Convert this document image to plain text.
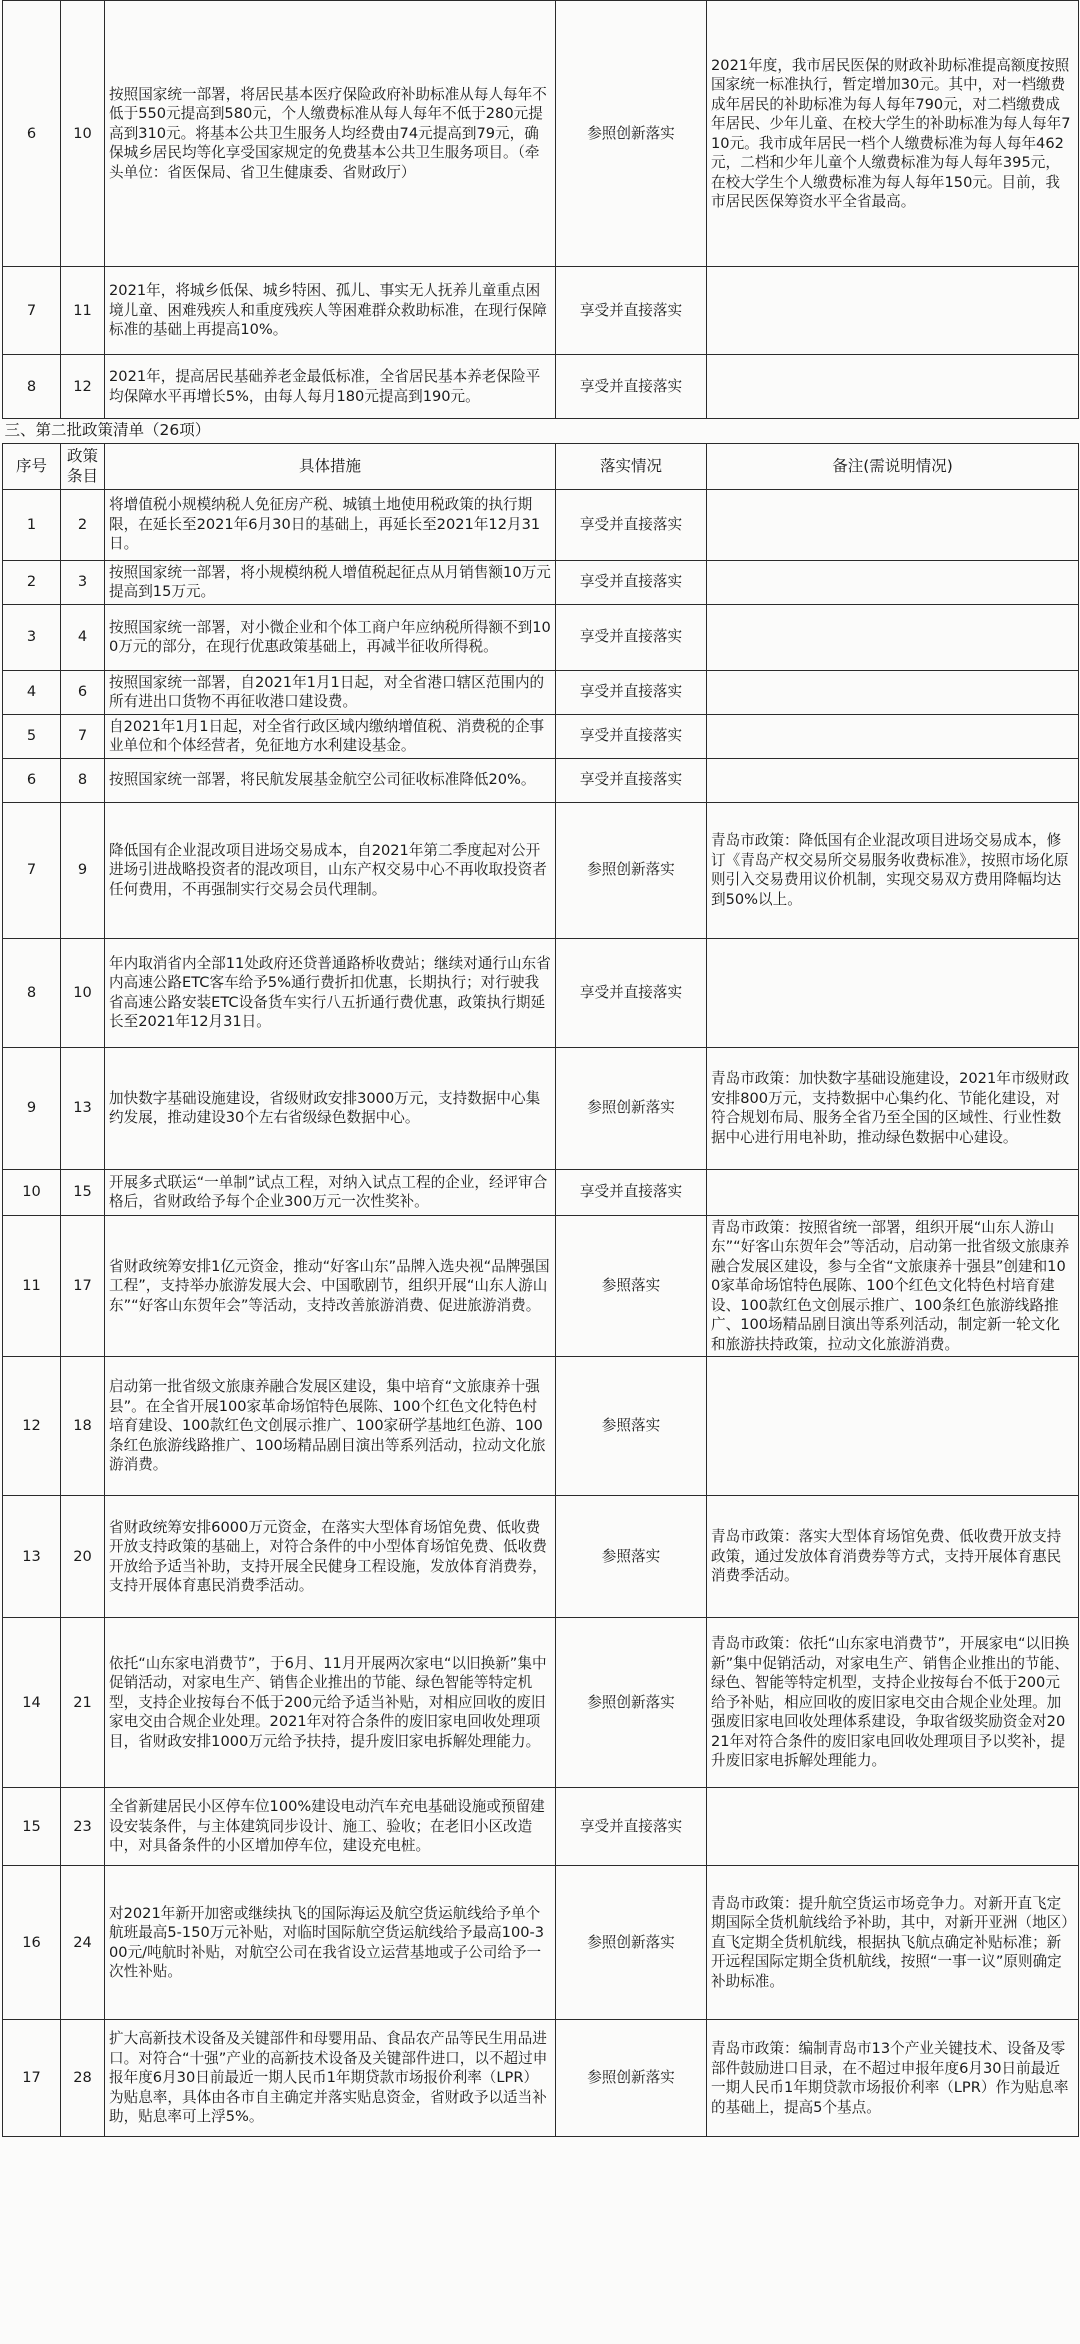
6	10	按照国家统一部署，将居民基本医疗保险政府补助标准从每人每年不低于550元提高到580元，个人缴费标准从每人每年不低于280元提高到310元。将基本公共卫生服务人均经费由74元提高到79元，确保城乡居民均等化享受国家规定的免费基本公共卫生服务项目。（牵头单位：省医保局、省卫生健康委、省财政厅）	参照创新落实	2021年度，我市居民医保的财政补助标准提高额度按照国家统一标准执行，暂定增加30元。其中，对一档缴费成年居民的补助标准为每人每年790元，对二档缴费成年居民、少年儿童、在校大学生的补助标准为每人每年710元。我市成年居民一档个人缴费标准为每人每年462元，二档和少年儿童个人缴费标准为每人每年395元，在校大学生个人缴费标准为每人每年150元。目前，我市居民医保筹资水平全省最高。
7	11	2021年，将城乡低保、城乡特困、孤儿、事实无人抚养儿童重点困境儿童、困难残疾人和重度残疾人等困难群众救助标准，在现行保障标准的基础上再提高10%。	享受并直接落实	
8	12	2021年，提高居民基础养老金最低标准，全省居民基本养老保险平均保障水平再增长5%，由每人每月180元提高到190元。	享受并直接落实	
三、第二批政策清单（26项）				
序号	政策条目	具体措施	落实情况	备注(需说明情况)
1	2	将增值税小规模纳税人免征房产税、城镇土地使用税政策的执行期限，在延长至2021年6月30日的基础上，再延长至2021年12月31日。	享受并直接落实	
2	3	按照国家统一部署，将小规模纳税人增值税起征点从月销售额10万元提高到15万元。	享受并直接落实	
3	4	按照国家统一部署，对小微企业和个体工商户年应纳税所得额不到100万元的部分，在现行优惠政策基础上，再减半征收所得税。	享受并直接落实	
4	6	按照国家统一部署，自2021年1月1日起，对全省港口辖区范围内的所有进出口货物不再征收港口建设费。	享受并直接落实	
5	7	自2021年1月1日起，对全省行政区域内缴纳增值税、消费税的企事业单位和个体经营者，免征地方水利建设基金。	享受并直接落实	
6	8	按照国家统一部署，将民航发展基金航空公司征收标准降低20%。	享受并直接落实	
7	9	降低国有企业混改项目进场交易成本，自2021年第二季度起对公开进场引进战略投资者的混改项目，山东产权交易中心不再收取投资者任何费用，不再强制实行交易会员代理制。	参照创新落实	青岛市政策：降低国有企业混改项目进场交易成本，修订《青岛产权交易所交易服务收费标准》，按照市场化原则引入交易费用议价机制，实现交易双方费用降幅均达到50%以上。
8	10	年内取消省内全部11处政府还贷普通路桥收费站；继续对通行山东省内高速公路ETC客车给予5%通行费折扣优惠，长期执行；对行驶我省高速公路安装ETC设备货车实行八五折通行费优惠，政策执行期延长至2021年12月31日。	享受并直接落实	
9	13	加快数字基础设施建设，省级财政安排3000万元，支持数据中心集约发展，推动建设30个左右省级绿色数据中心。	参照创新落实	青岛市政策：加快数字基础设施建设，2021年市级财政安排800万元，支持数据中心集约化、节能化建设，对符合规划布局、服务全省乃至全国的区域性、行业性数据中心进行用电补助，推动绿色数据中心建设。
10	15	开展多式联运“一单制”试点工程，对纳入试点工程的企业，经评审合格后，省财政给予每个企业300万元一次性奖补。	享受并直接落实	
11	17	省财政统筹安排1亿元资金，推动“好客山东”品牌入选央视“品牌强国工程”，支持举办旅游发展大会、中国歌剧节，组织开展“山东人游山东”“好客山东贺年会”等活动，支持改善旅游消费、促进旅游消费。	参照落实	青岛市政策：按照省统一部署，组织开展“山东人游山东”“好客山东贺年会”等活动，启动第一批省级文旅康养融合发展区建设，参与全省“文旅康养十强县”创建和100家革命场馆特色展陈、100个红色文化特色村培育建设、100款红色文创展示推广、100条红色旅游线路推广、100场精品剧目演出等系列活动，制定新一轮文化和旅游扶持政策，拉动文化旅游消费。
12	18	启动第一批省级文旅康养融合发展区建设，集中培育“文旅康养十强县”。在全省开展100家革命场馆特色展陈、100个红色文化特色村培育建设、100款红色文创展示推广、100家研学基地红色游、100条红色旅游线路推广、100场精品剧目演出等系列活动，拉动文化旅游消费。	参照落实	
13	20	省财政统筹安排6000万元资金，在落实大型体育场馆免费、低收费开放支持政策的基础上，对符合条件的中小型体育场馆免费、低收费开放给予适当补助，支持开展全民健身工程设施，发放体育消费券，支持开展体育惠民消费季活动。	参照落实	青岛市政策：落实大型体育场馆免费、低收费开放支持政策，通过发放体育消费券等方式，支持开展体育惠民消费季活动。
14	21	依托“山东家电消费节”，于6月、11月开展两次家电“以旧换新”集中促销活动，对家电生产、销售企业推出的节能、绿色智能等特定机型，支持企业按每台不低于200元给予适当补贴，对相应回收的废旧家电交由合规企业处理。2021年对符合条件的废旧家电回收处理项目，省财政安排1000万元给予扶持，提升废旧家电拆解处理能力。	参照创新落实	青岛市政策：依托“山东家电消费节”，开展家电“以旧换新”集中促销活动，对家电生产、销售企业推出的节能、绿色、智能等特定机型，支持企业按每台不低于200元给予补贴，相应回收的废旧家电交由合规企业处理。加强废旧家电回收处理体系建设，争取省级奖励资金对2021年对符合条件的废旧家电回收处理项目予以奖补，提升废旧家电拆解处理能力。
15	23	全省新建居民小区停车位100%建设电动汽车充电基础设施或预留建设安装条件，与主体建筑同步设计、施工、验收；在老旧小区改造中，对具备条件的小区增加停车位，建设充电桩。	享受并直接落实	
16	24	对2021年新开加密或继续执飞的国际海运及航空货运航线给予单个航班最高5-150万元补贴，对临时国际航空货运航线给予最高100-300元/吨航时补贴，对航空公司在我省设立运营基地或子公司给予一次性补贴。	参照创新落实	青岛市政策：提升航空货运市场竞争力。对新开直飞定期国际全货机航线给予补助，其中，对新开亚洲（地区）直飞定期全货机航线，根据执飞航点确定补贴标准；新开远程国际定期全货机航线，按照“一事一议”原则确定补助标准。
17	28	扩大高新技术设备及关键部件和母婴用品、食品农产品等民生用品进口。对符合“十强”产业的高新技术设备及关键部件进口，以不超过申报年度6月30日前最近一期人民币1年期贷款市场报价利率（LPR）为贴息率，具体由各市自主确定并落实贴息资金，省财政予以适当补助，贴息率可上浮5%。	参照创新落实	青岛市政策：编制青岛市13个产业关键技术、设备及零部件鼓励进口目录，在不超过申报年度6月30日前最近一期人民币1年期贷款市场报价利率（LPR）作为贴息率的基础上，提高5个基点。
